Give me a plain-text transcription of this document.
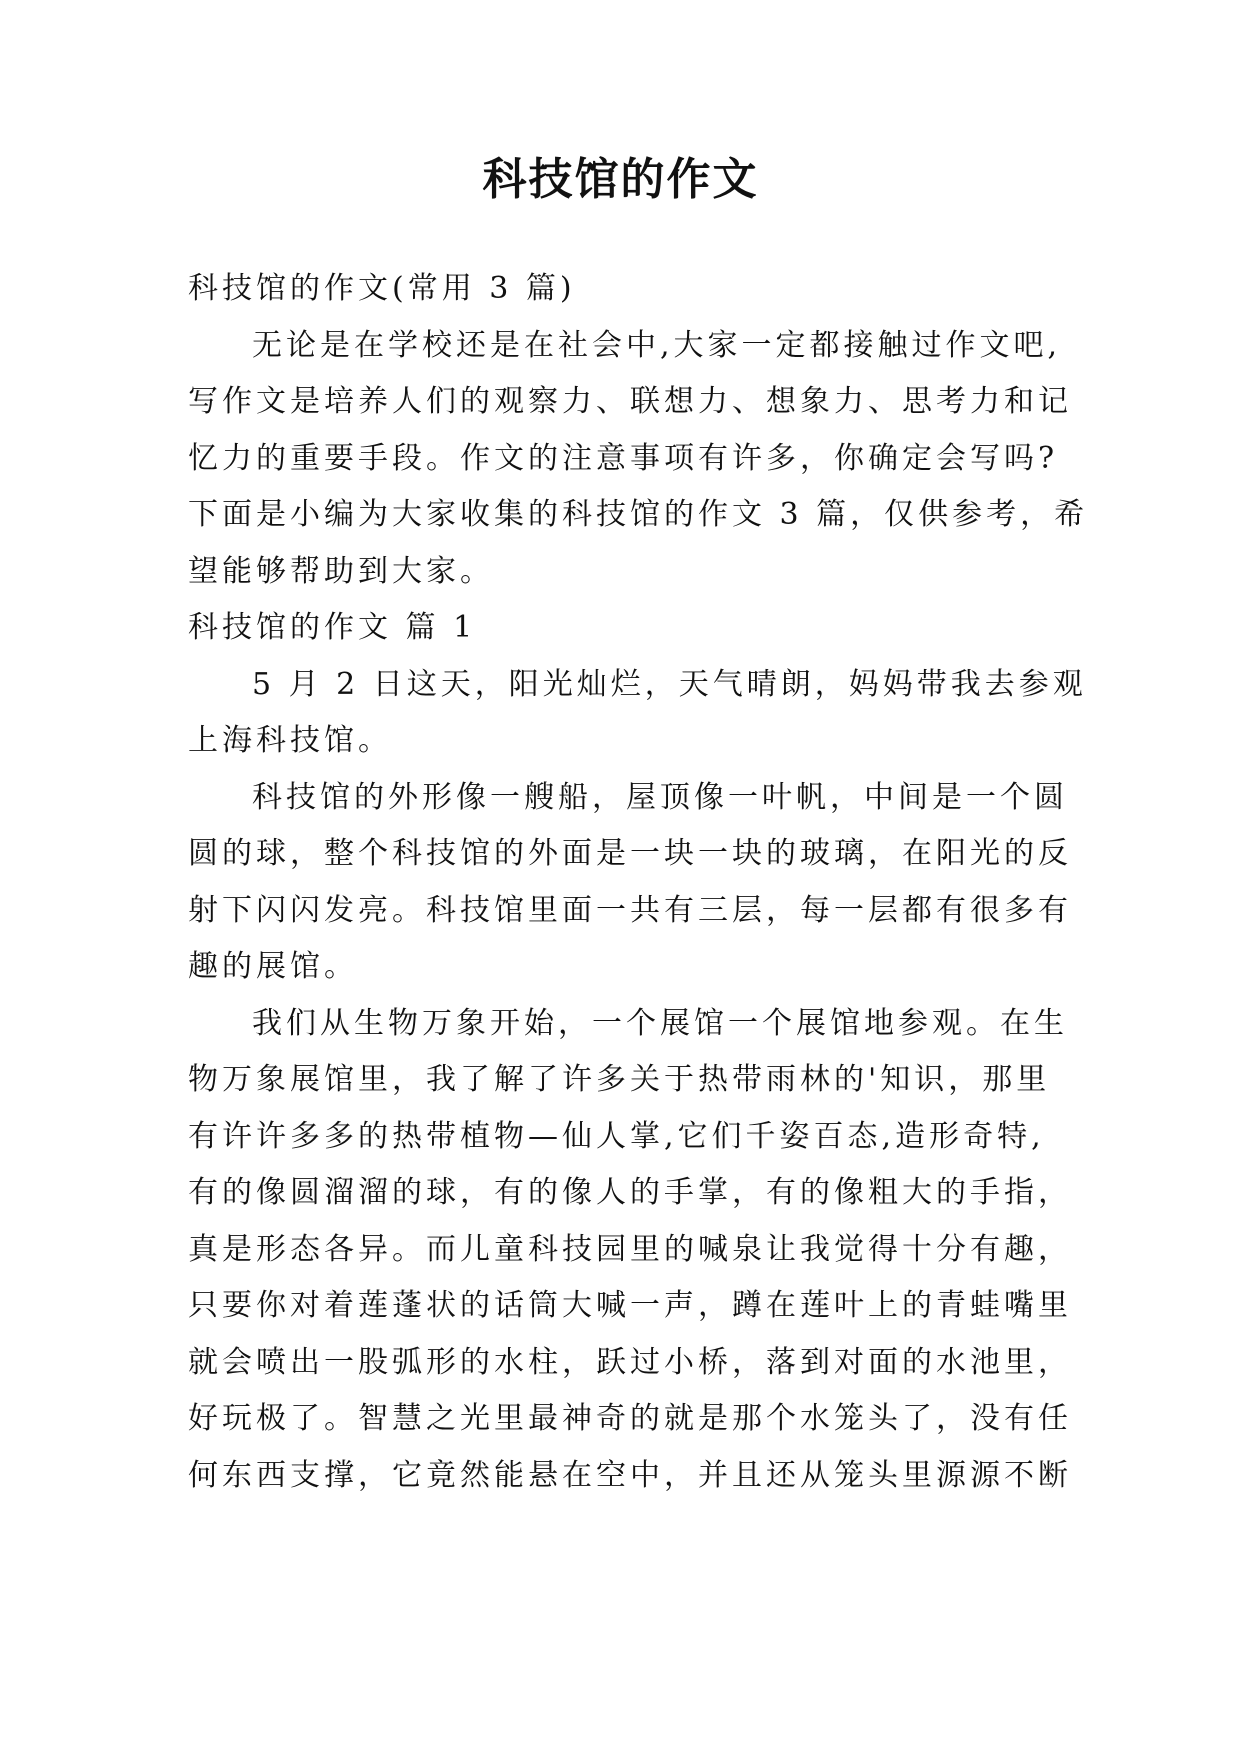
科技馆的作文
科技馆的作文(常用 3 篇)
无论是在学校还是在社会中,大家一定都接触过作文吧,
写作文是培养人们的观察力、联想力、想象力、思考力和记
忆力的重要手段。作文的注意事项有许多，你确定会写吗?
下面是小编为大家收集的科技馆的作文 3 篇，仅供参考，希
望能够帮助到大家。
科技馆的作文 篇 1
5 月 2 日这天，阳光灿烂，天气晴朗，妈妈带我去参观
上海科技馆。
科技馆的外形像一艘船，屋顶像一叶帆，中间是一个圆
圆的球，整个科技馆的外面是一块一块的玻璃，在阳光的反
射下闪闪发亮。科技馆里面一共有三层，每一层都有很多有
趣的展馆。
我们从生物万象开始，一个展馆一个展馆地参观。在生
物万象展馆里，我了解了许多关于热带雨林的'知识，那里
有许许多多的热带植物—仙人掌,它们千姿百态,造形奇特,
有的像圆溜溜的球，有的像人的手掌，有的像粗大的手指，
真是形态各异。而儿童科技园里的喊泉让我觉得十分有趣，
只要你对着莲蓬状的话筒大喊一声，蹲在莲叶上的青蛙嘴里
就会喷出一股弧形的水柱，跃过小桥，落到对面的水池里，
好玩极了。智慧之光里最神奇的就是那个水笼头了，没有任
何东西支撑，它竟然能悬在空中，并且还从笼头里源源不断
